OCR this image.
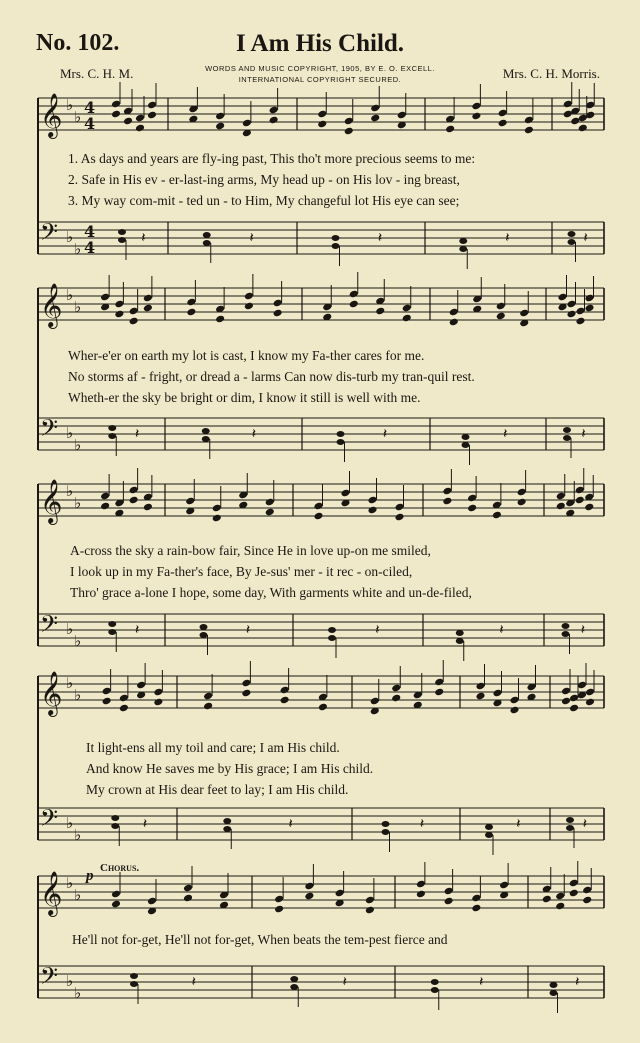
No. 102.	I Am His Child.
Mrs. C. H. M.	WORDS AND MUSIC COPYRIGHT, 1905, BY E. O. EXCELL.
INTERNATIONAL COPYRIGHT SECURED.	Mrs. C. H. Morris.
♭
♭
𝄞 4
4
♭
♭
𝄢 4
4	𝄽	𝄽	𝄽	𝄽	𝄽
♭
♭
𝄞
♭
♭
𝄢	𝄽	𝄽	𝄽	𝄽	𝄽
♭
♭
𝄞
♭
♭
𝄢	𝄽	𝄽	𝄽	𝄽	𝄽
♭
♭
𝄞
♭
♭
𝄢	𝄽	𝄽	𝄽	𝄽	𝄽
♭
♭
𝄞
♭
♭
𝄢	𝄽	𝄽	𝄽	𝄽
1. As days and years are fly-ing past, This tho't more precious seems to me:
2. Safe in His ev - er-last-ing arms, My head up - on His lov - ing breast,
3. My way com-mit - ted un - to Him, My changeful lot His eye can see;
Wher-e'er on earth my lot is cast, I know my Fa-ther cares for me.
No storms af - fright, or dread a - larms Can now dis-turb my tran-quil rest.
Wheth-er the sky be bright or dim, I know it still is well with me.
A-cross the sky a rain-bow fair, Since He in love up-on me smiled,
I look up in my Fa-ther's face, By Je-sus' mer - it rec - on-ciled,
Thro' grace a-lone I hope, some day, With garments white and un-de-filed,
It light-ens all my toil and care; I am His child.
And know He saves me by His grace; I am His child.
My crown at His dear feet to lay; I am His child.
p Chorus.
He'll not for-get, He'll not for-get, When beats the tem-pest fierce and
